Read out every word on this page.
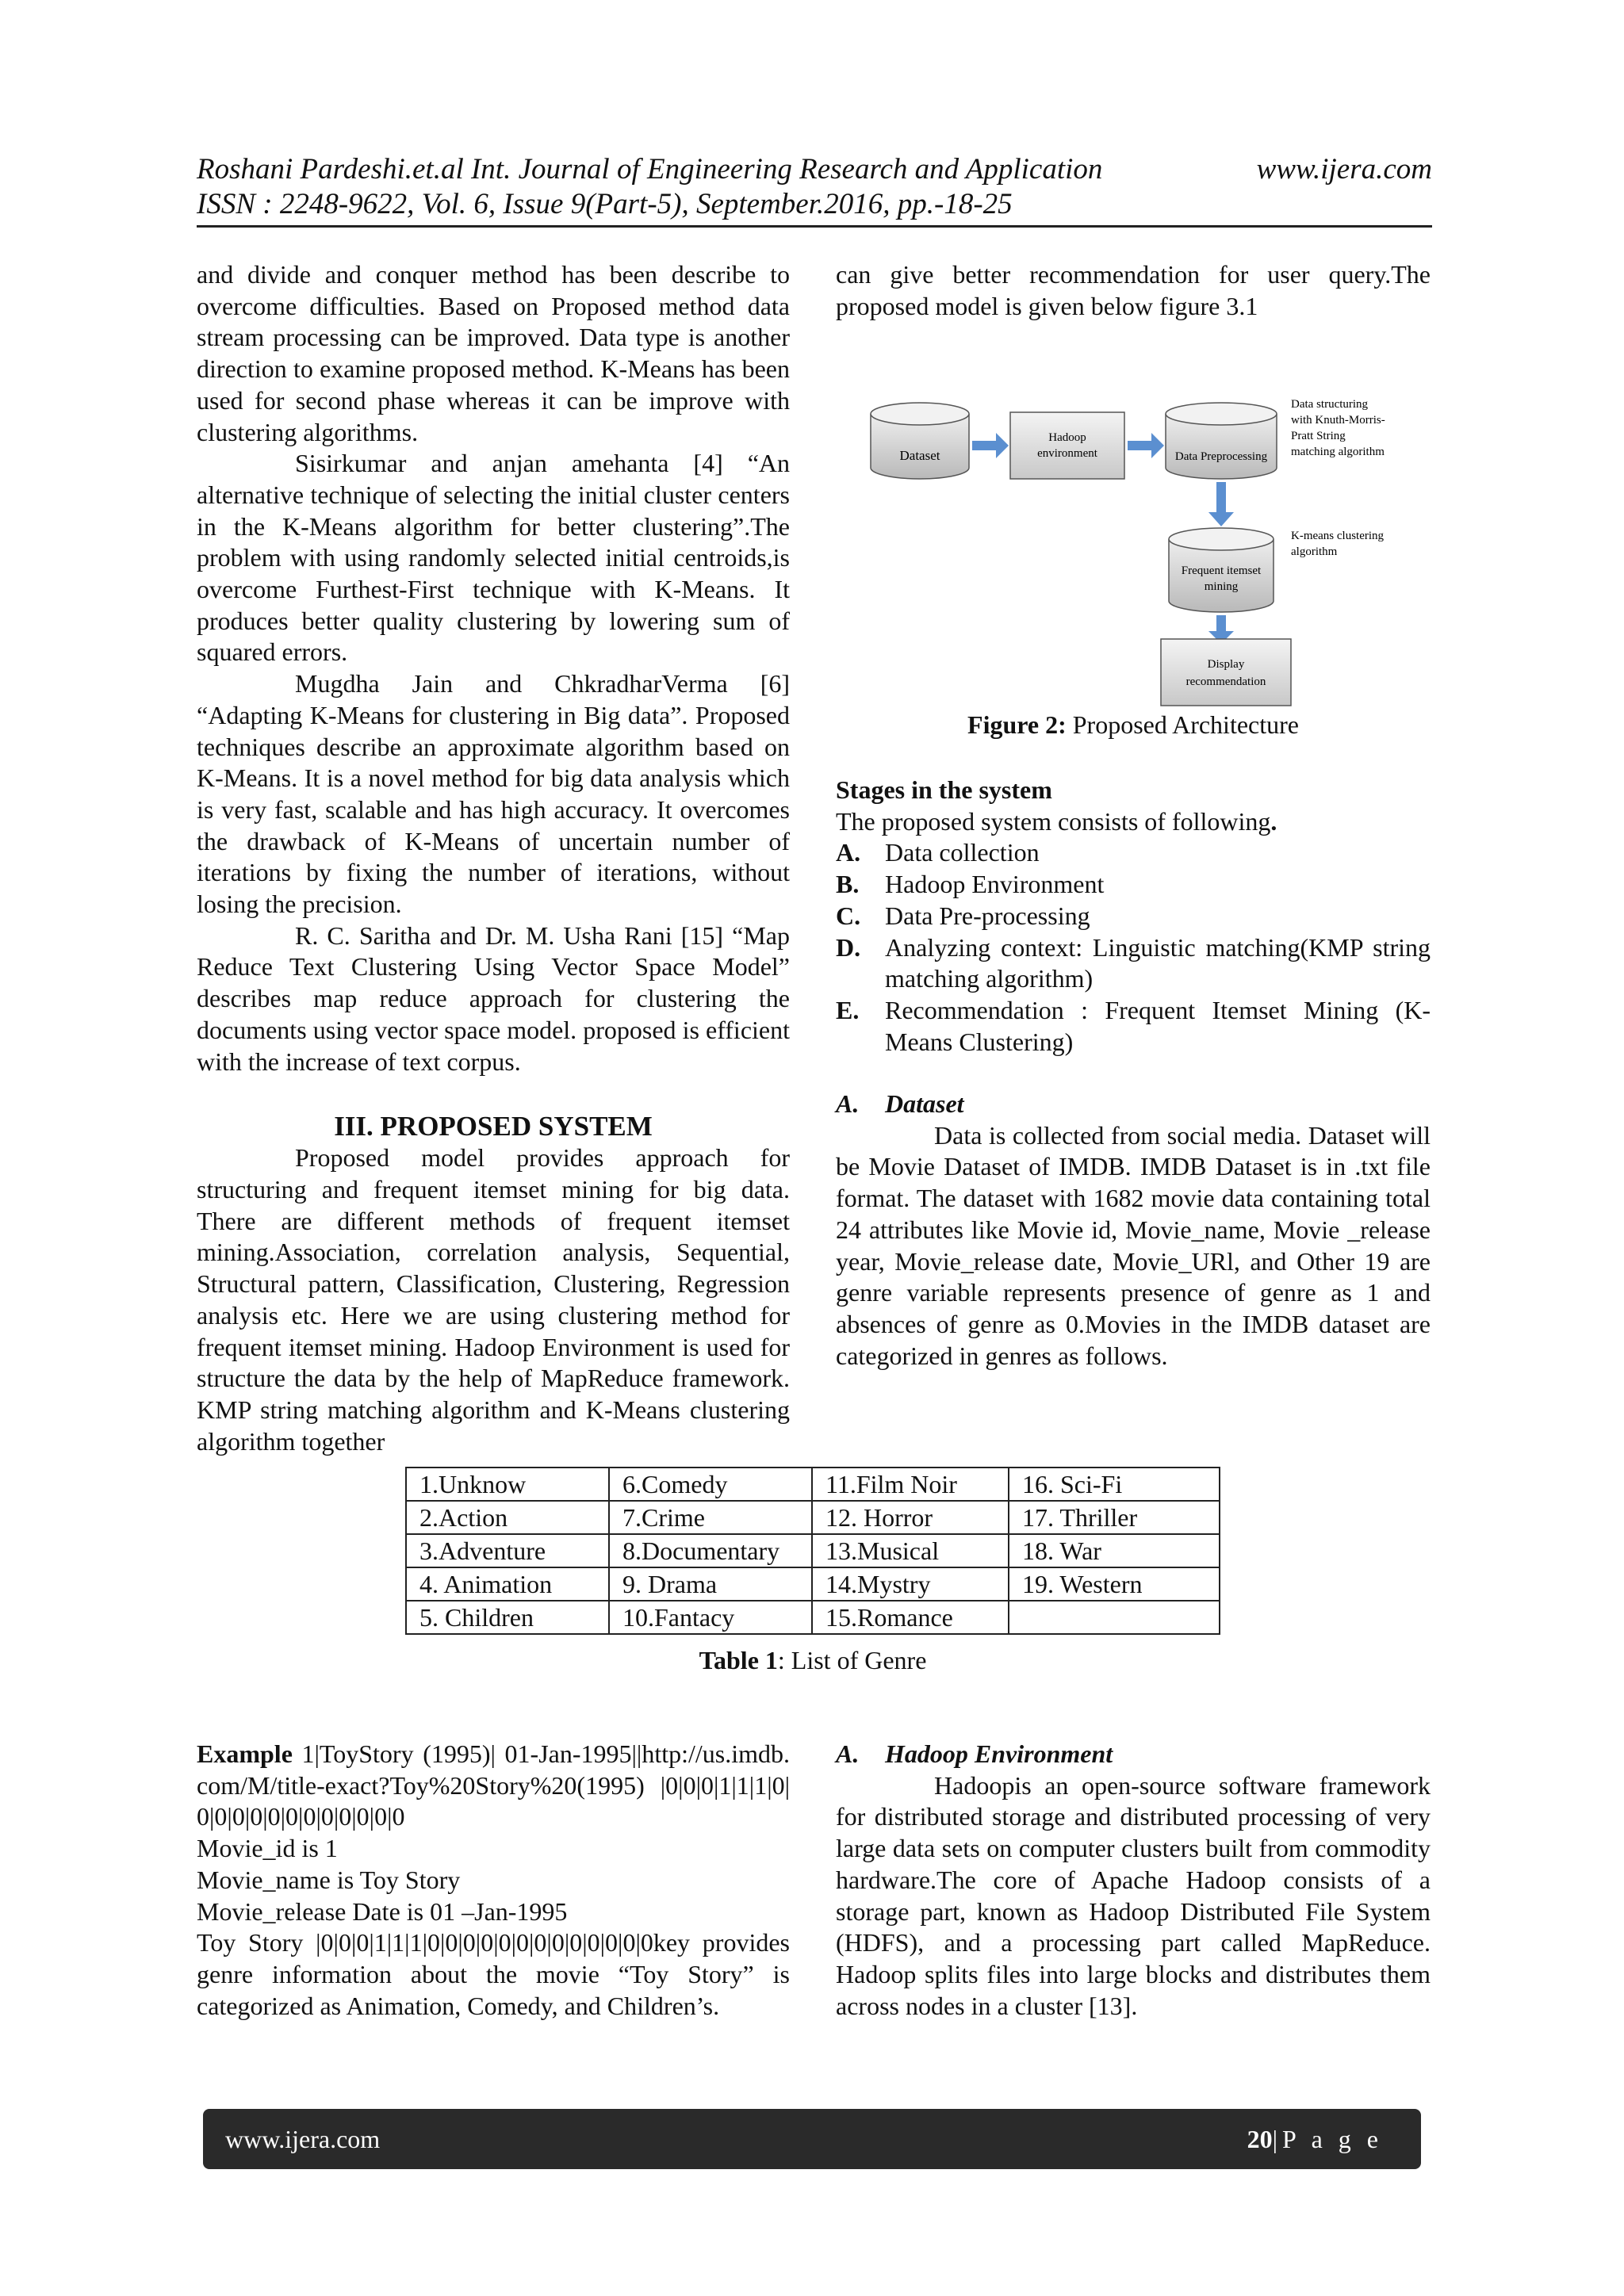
Roshani Pardeshi.et.al Int. Journal of Engineering Research and Application	www.ijera.com
ISSN : 2248-9622, Vol. 6, Issue 9(Part-5), September.2016, pp.-18-25

and divide and conquer method has been describe to overcome difficulties. Based on Proposed method data stream processing can be improved. Data type is another direction to examine proposed method. K-Means has been used for second phase whereas it can be improve with clustering algorithms.

Sisirkumar and anjan amehanta [4] “An alternative technique of selecting the initial cluster centers in the K-Means algorithm for better clustering”.The problem with using randomly selected initial centroids,is overcome Furthest-First technique with K-Means. It produces better quality clustering by lowering sum of squared errors.

Mugdha Jain and ChkradharVerma [6] “Adapting K-Means for clustering in Big data”. Proposed techniques describe an approximate algorithm based on K-Means. It is a novel method for big data analysis which is very fast, scalable and has high accuracy. It overcomes the drawback of K-Means of uncertain number of iterations by fixing the number of iterations, without losing the precision.

R. C. Saritha and Dr. M. Usha Rani [15] “Map Reduce Text Clustering Using Vector Space Model” describes map reduce approach for clustering the documents using vector space model. proposed is efficient with the increase of text corpus.

III. PROPOSED SYSTEM

Proposed model provides approach for structuring and frequent itemset mining for big data. There are different methods of frequent itemset mining.Association, correlation analysis, Sequential, Structural pattern, Classification, Clustering, Regression analysis etc. Here we are using clustering method for frequent itemset mining. Hadoop Environment is used for structure the data by the help of MapReduce framework. KMP string matching algorithm and K-Means clustering algorithm together

can give better recommendation for user query.The proposed model is given below figure 3.1

Dataset
Hadoop
environment	Data Preprocessing
Data structuring
with Knuth-Morris-
Pratt String
matching algorithm
K-means clustering
algorithm
Frequent itemset
mining
Display
recommendation
Figure 2: Proposed Architecture
Stages in the system
The proposed system consists of following.
A. Data collection
B.	Hadoop Environment
C. Data Pre-processing
D. Analyzing context: Linguistic matching(KMP string matching algorithm)
E.	Recommendation : Frequent Itemset Mining (K-Means Clustering)
A.	Dataset

Data is collected from social media. Dataset will be Movie Dataset of IMDB. IMDB Dataset is in .txt file format. The dataset with 1682 movie data containing total 24 attributes like Movie id, Movie_name, Movie _release year, Movie_release date, Movie_URl, and Other 19 are genre variable represents presence of genre as 1 and absences of genre as 0.Movies in the IMDB dataset are categorized in genres as follows.

1.Unknow	6.Comedy	11.Film Noir	16. Sci-Fi
2.Action	7.Crime	12. Horror	17. Thriller
3.Adventure	8.Documentary	13.Musical	18. War
4. Animation	9. Drama	14.Mystry	19. Western
5. Children	10.Fantacy	15.Romance	
Table 1: List of Genre

Example 1|ToyStory (1995)| 01-Jan-1995||http://us.imdb.com/M/title-exact?Toy%20Story%20(1995) |0|0|0|1|1|1|0|0|0|0|0|0|0|0|0|0|0|0|0

Movie_id is 1
Movie_name is Toy Story
Movie_release Date is 01 –Jan-1995

Toy Story |0|0|0|1|1|1|0|0|0|0|0|0|0|0|0|0|0|0|0key provides genre information about the movie “Toy Story” is categorized as Animation, Comedy, and Children’s.

A.	Hadoop Environment

Hadoopis an open-source software framework for distributed storage and distributed processing of very large data sets on computer clusters built from commodity hardware.The core of Apache Hadoop consists of a storage part, known as Hadoop Distributed File System (HDFS), and a processing part called MapReduce. Hadoop splits files into large blocks and distributes them across nodes in a cluster [13].

www.ijera.com	20|P a g e
